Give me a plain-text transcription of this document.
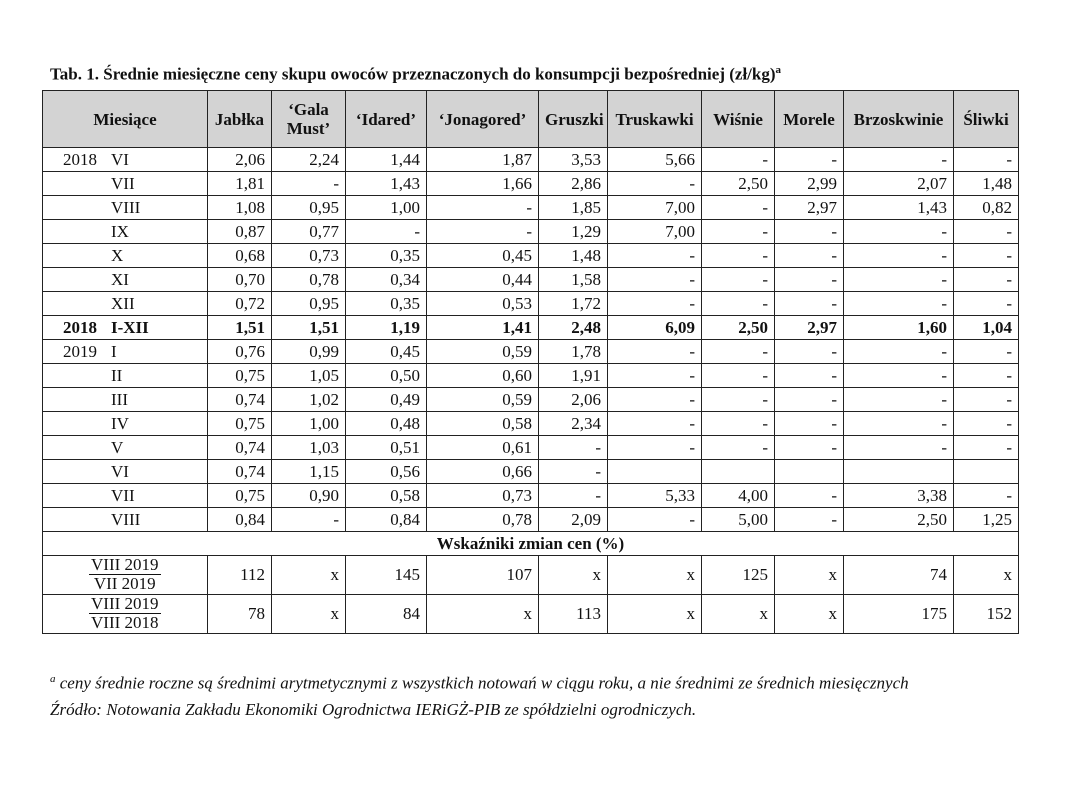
Tab. 1. Średnie miesięczne ceny skupu owoców przeznaczonych do konsumpcji bezpośredniej (zł/kg)$^a$
Miesiące	Jabłka	‘Gala Must’	‘Idared’	‘Jonagored’	Gruszki	Truskawki	Wiśnie	Morele	Brzoskwinie	Śliwki
2018 VI	2,06	2,24	1,44	1,87	3,53	5,66	-	-	-	-
VII	1,81	-	1,43	1,66	2,86	-	2,50	2,99	2,07	1,48
VIII	1,08	0,95	1,00	-	1,85	7,00	-	2,97	1,43	0,82
IX	0,87	0,77	-	-	1,29	7,00	-	-	-	-
X	0,68	0,73	0,35	0,45	1,48	-	-	-	-	-
XI	0,70	0,78	0,34	0,44	1,58	-	-	-	-	-
XII	0,72	0,95	0,35	0,53	1,72	-	-	-	-	-
2018 I-XII	1,51	1,51	1,19	1,41	2,48	6,09	2,50	2,97	1,60	1,04
2019 I	0,76	0,99	0,45	0,59	1,78	-	-	-	-	-
II	0,75	1,05	0,50	0,60	1,91	-	-	-	-	-
III	0,74	1,02	0,49	0,59	2,06	-	-	-	-	-
IV	0,75	1,00	0,48	0,58	2,34	-	-	-	-	-
V	0,74	1,03	0,51	0,61	-	-	-	-	-	-
VI	0,74	1,15	0,56	0,66	-					
VII	0,75	0,90	0,58	0,73	-	5,33	4,00	-	3,38	-
VIII	0,84	-	0,84	0,78	2,09	-	5,00	-	2,50	1,25
Wskaźniki zmian cen (%)										

$\frac{\text{VIII 2019}}{\text{VII 2019}}$	112	x	145	107	x	x	125	x	74	x

$\frac{\text{VIII 2019}}{\text{VIII 2018}}$	78	x	84	x	113	x	x	x	175	152
$^a$ ceny średnie roczne są średnimi arytmetycznymi z wszystkich notowań w ciągu roku, a nie średnimi ze średnich miesięcznych
Źródło: Notowania Zakładu Ekonomiki Ogrodnictwa IERiGŻ-PIB ze spółdzielni ogrodniczych.
